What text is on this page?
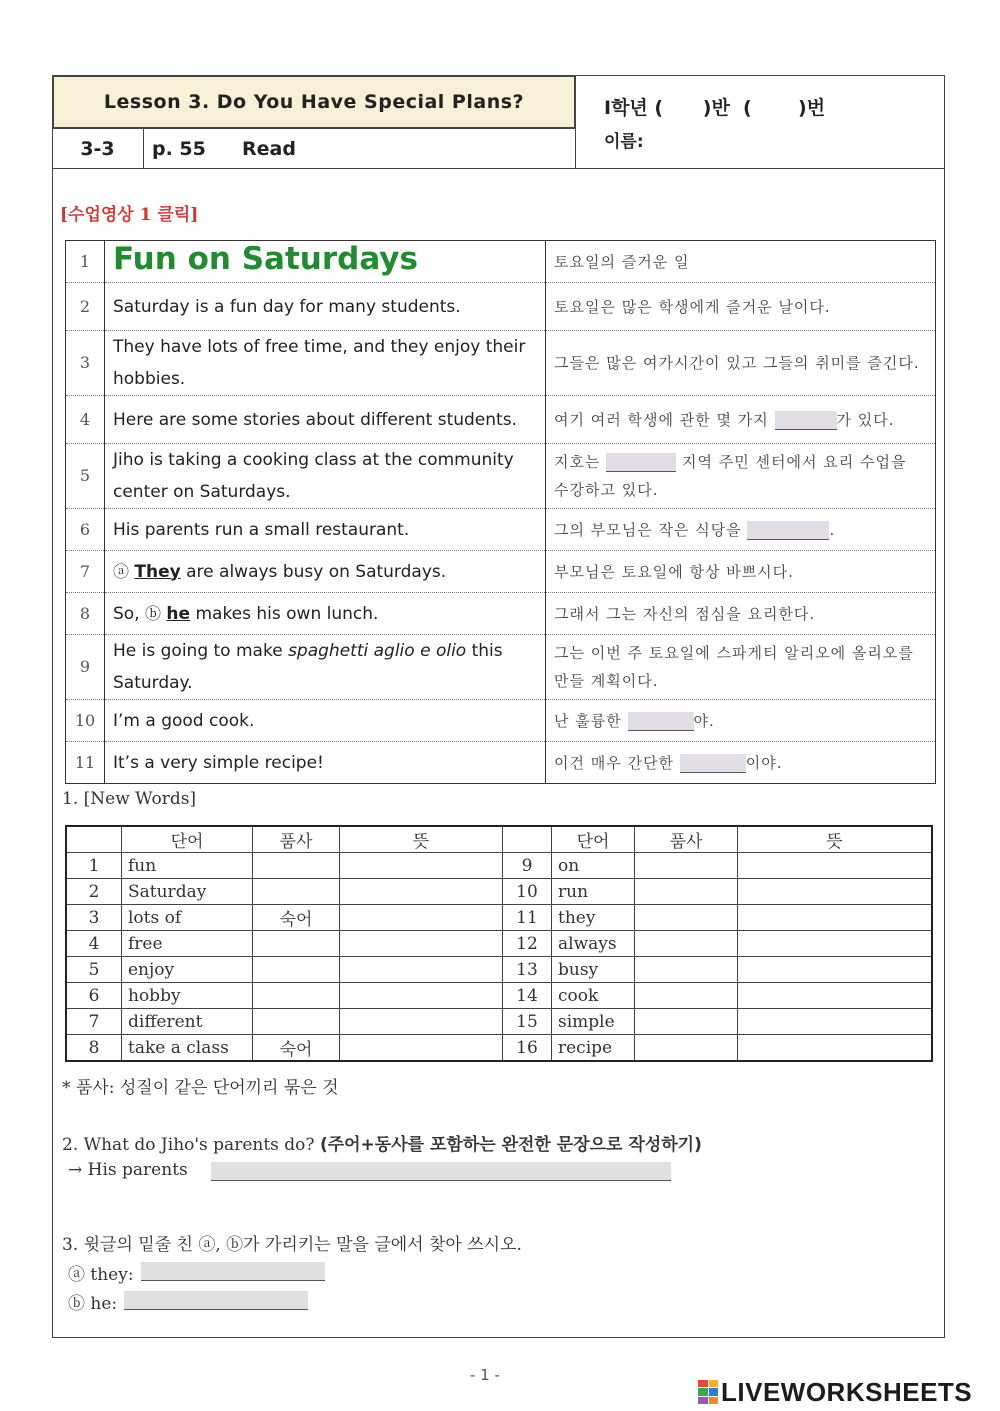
Lesson 3. Do You Have Special Plans?
3-3	p. 55 Read
I학년 (      )반  (       )번
이름:
[수업영상 1 클릭]
1	Fun on Saturdays	토요일의 즐거운 일
2	Saturday is a fun day for many students.	토요일은 많은 학생에게 즐거운 날이다.
3	They have lots of free time, and they enjoy their hobbies.	그들은 많은 여가시간이 있고 그들의 취미를 즐긴다.
4	Here are some stories about different students.	여기 여러 학생에 관한 몇 가지 가 있다.
5	Jiho is taking a cooking class at the community center on Saturdays.	지호는 지역 주민 센터에서 요리 수업을 수강하고 있다.
6	His parents run a small restaurant.	그의 부모님은 작은 식당을 .
7	ⓐ They are always busy on Saturdays.	부모님은 토요일에 항상 바쁘시다.
8	So, ⓑ he makes his own lunch.	그래서 그는 자신의 점심을 요리한다.
9	He is going to make spaghetti aglio e olio this Saturday.	그는 이번 주 토요일에 스파게티 알리오에 올리오를 만들 계획이다.
10	I’m a good cook.	난 훌륭한 야.
11	It’s a very simple recipe!	이건 매우 간단한 이야.
1. [New Words]
	단어	품사	뜻		단어	품사	뜻
1	fun			9	on		
2	Saturday			10	run		
3	lots of	숙어		11	they		
4	free			12	always		
5	enjoy			13	busy		
6	hobby			14	cook		
7	different			15	simple		
8	take a class	숙어		16	recipe		
* 품사: 성질이 같은 단어끼리 묶은 것
2. What do Jiho's parents do? (주어+동사를 포함하는 완전한 문장으로 작성하기)
→ His parents
3. 윗글의 밑줄 친 ⓐ, ⓑ가 가리키는 말을 글에서 찾아 쓰시오.
ⓐ they:
ⓑ he:
- 1 -
LIVEWORKSHEETS
